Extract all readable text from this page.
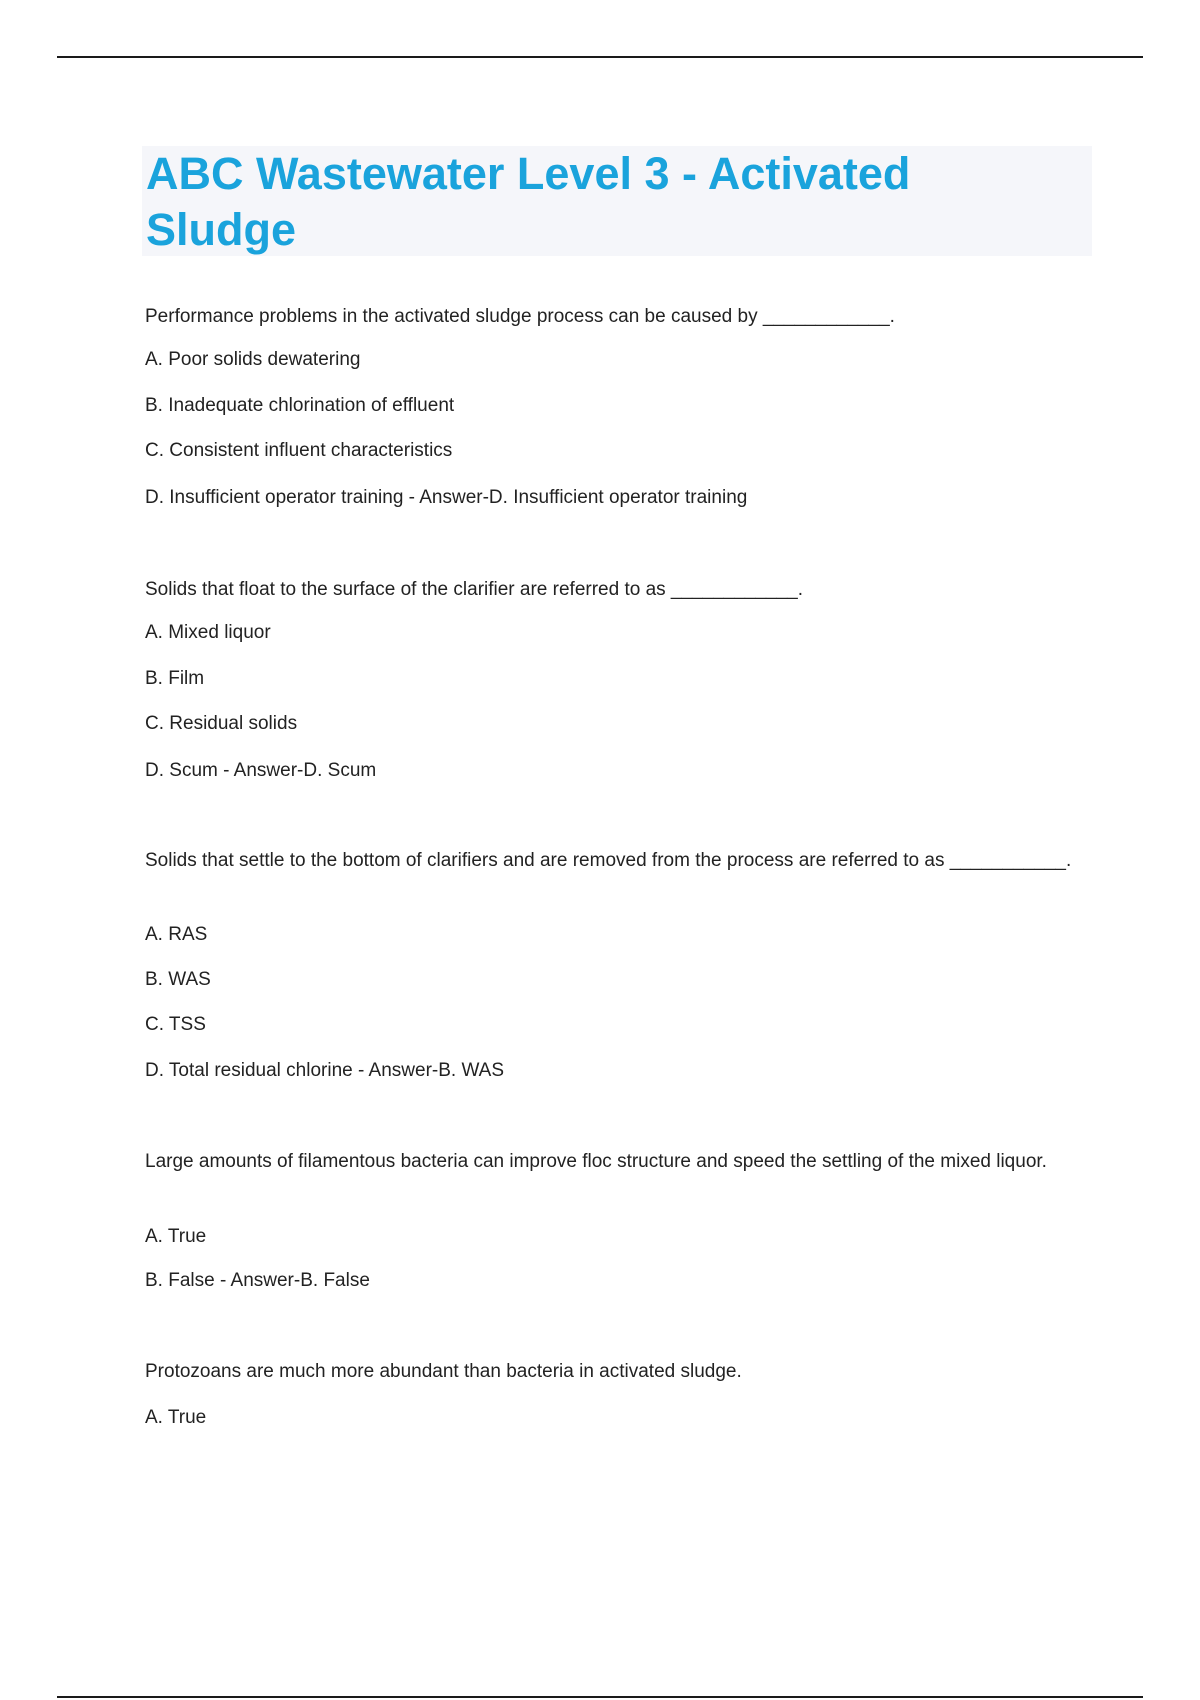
ABC Wastewater Level 3 - Activated Sludge

Performance problems in the activated sludge process can be caused by ____________.

A. Poor solids dewatering

B. Inadequate chlorination of effluent

C. Consistent influent characteristics

D. Insufficient operator training - Answer-D. Insufficient operator training

Solids that float to the surface of the clarifier are referred to as ____________.

A. Mixed liquor

B. Film

C. Residual solids

D. Scum - Answer-D. Scum

Solids that settle to the bottom of clarifiers and are removed from the process are referred to as ___________.

A. RAS

B. WAS

C. TSS

D. Total residual chlorine - Answer-B. WAS

Large amounts of filamentous bacteria can improve floc structure and speed the settling of the mixed liquor.

A. True

B. False - Answer-B. False

Protozoans are much more abundant than bacteria in activated sludge.

A. True
